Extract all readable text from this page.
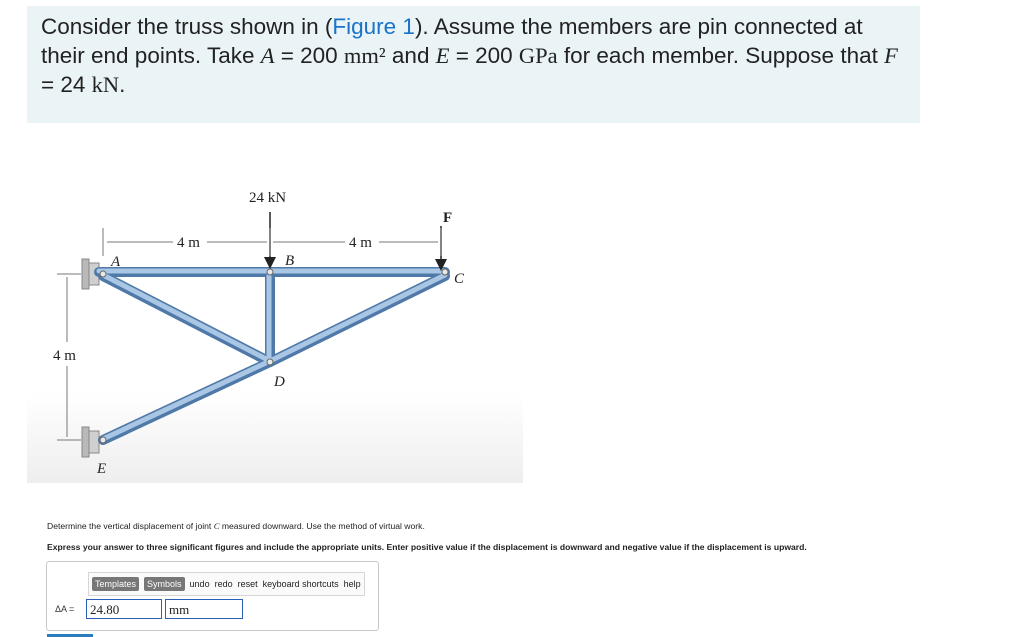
Consider the truss shown in (Figure 1). Assume the members are pin connected at their end points. Take A = 200 mm² and E = 200 GPa for each member. Suppose that F = 24 kN.
24 kN
F
4 m	4 m
4 m
A	B
C
D
E
Determine the vertical displacement of joint C measured downward. Use the method of virtual work.
Express your answer to three significant figures and include the appropriate units. Enter positive value if the displacement is downward and negative value if the displacement is upward.
Templates	Symbols undo redo reset keyboard shortcuts help
ΔA =	24.80	mm
